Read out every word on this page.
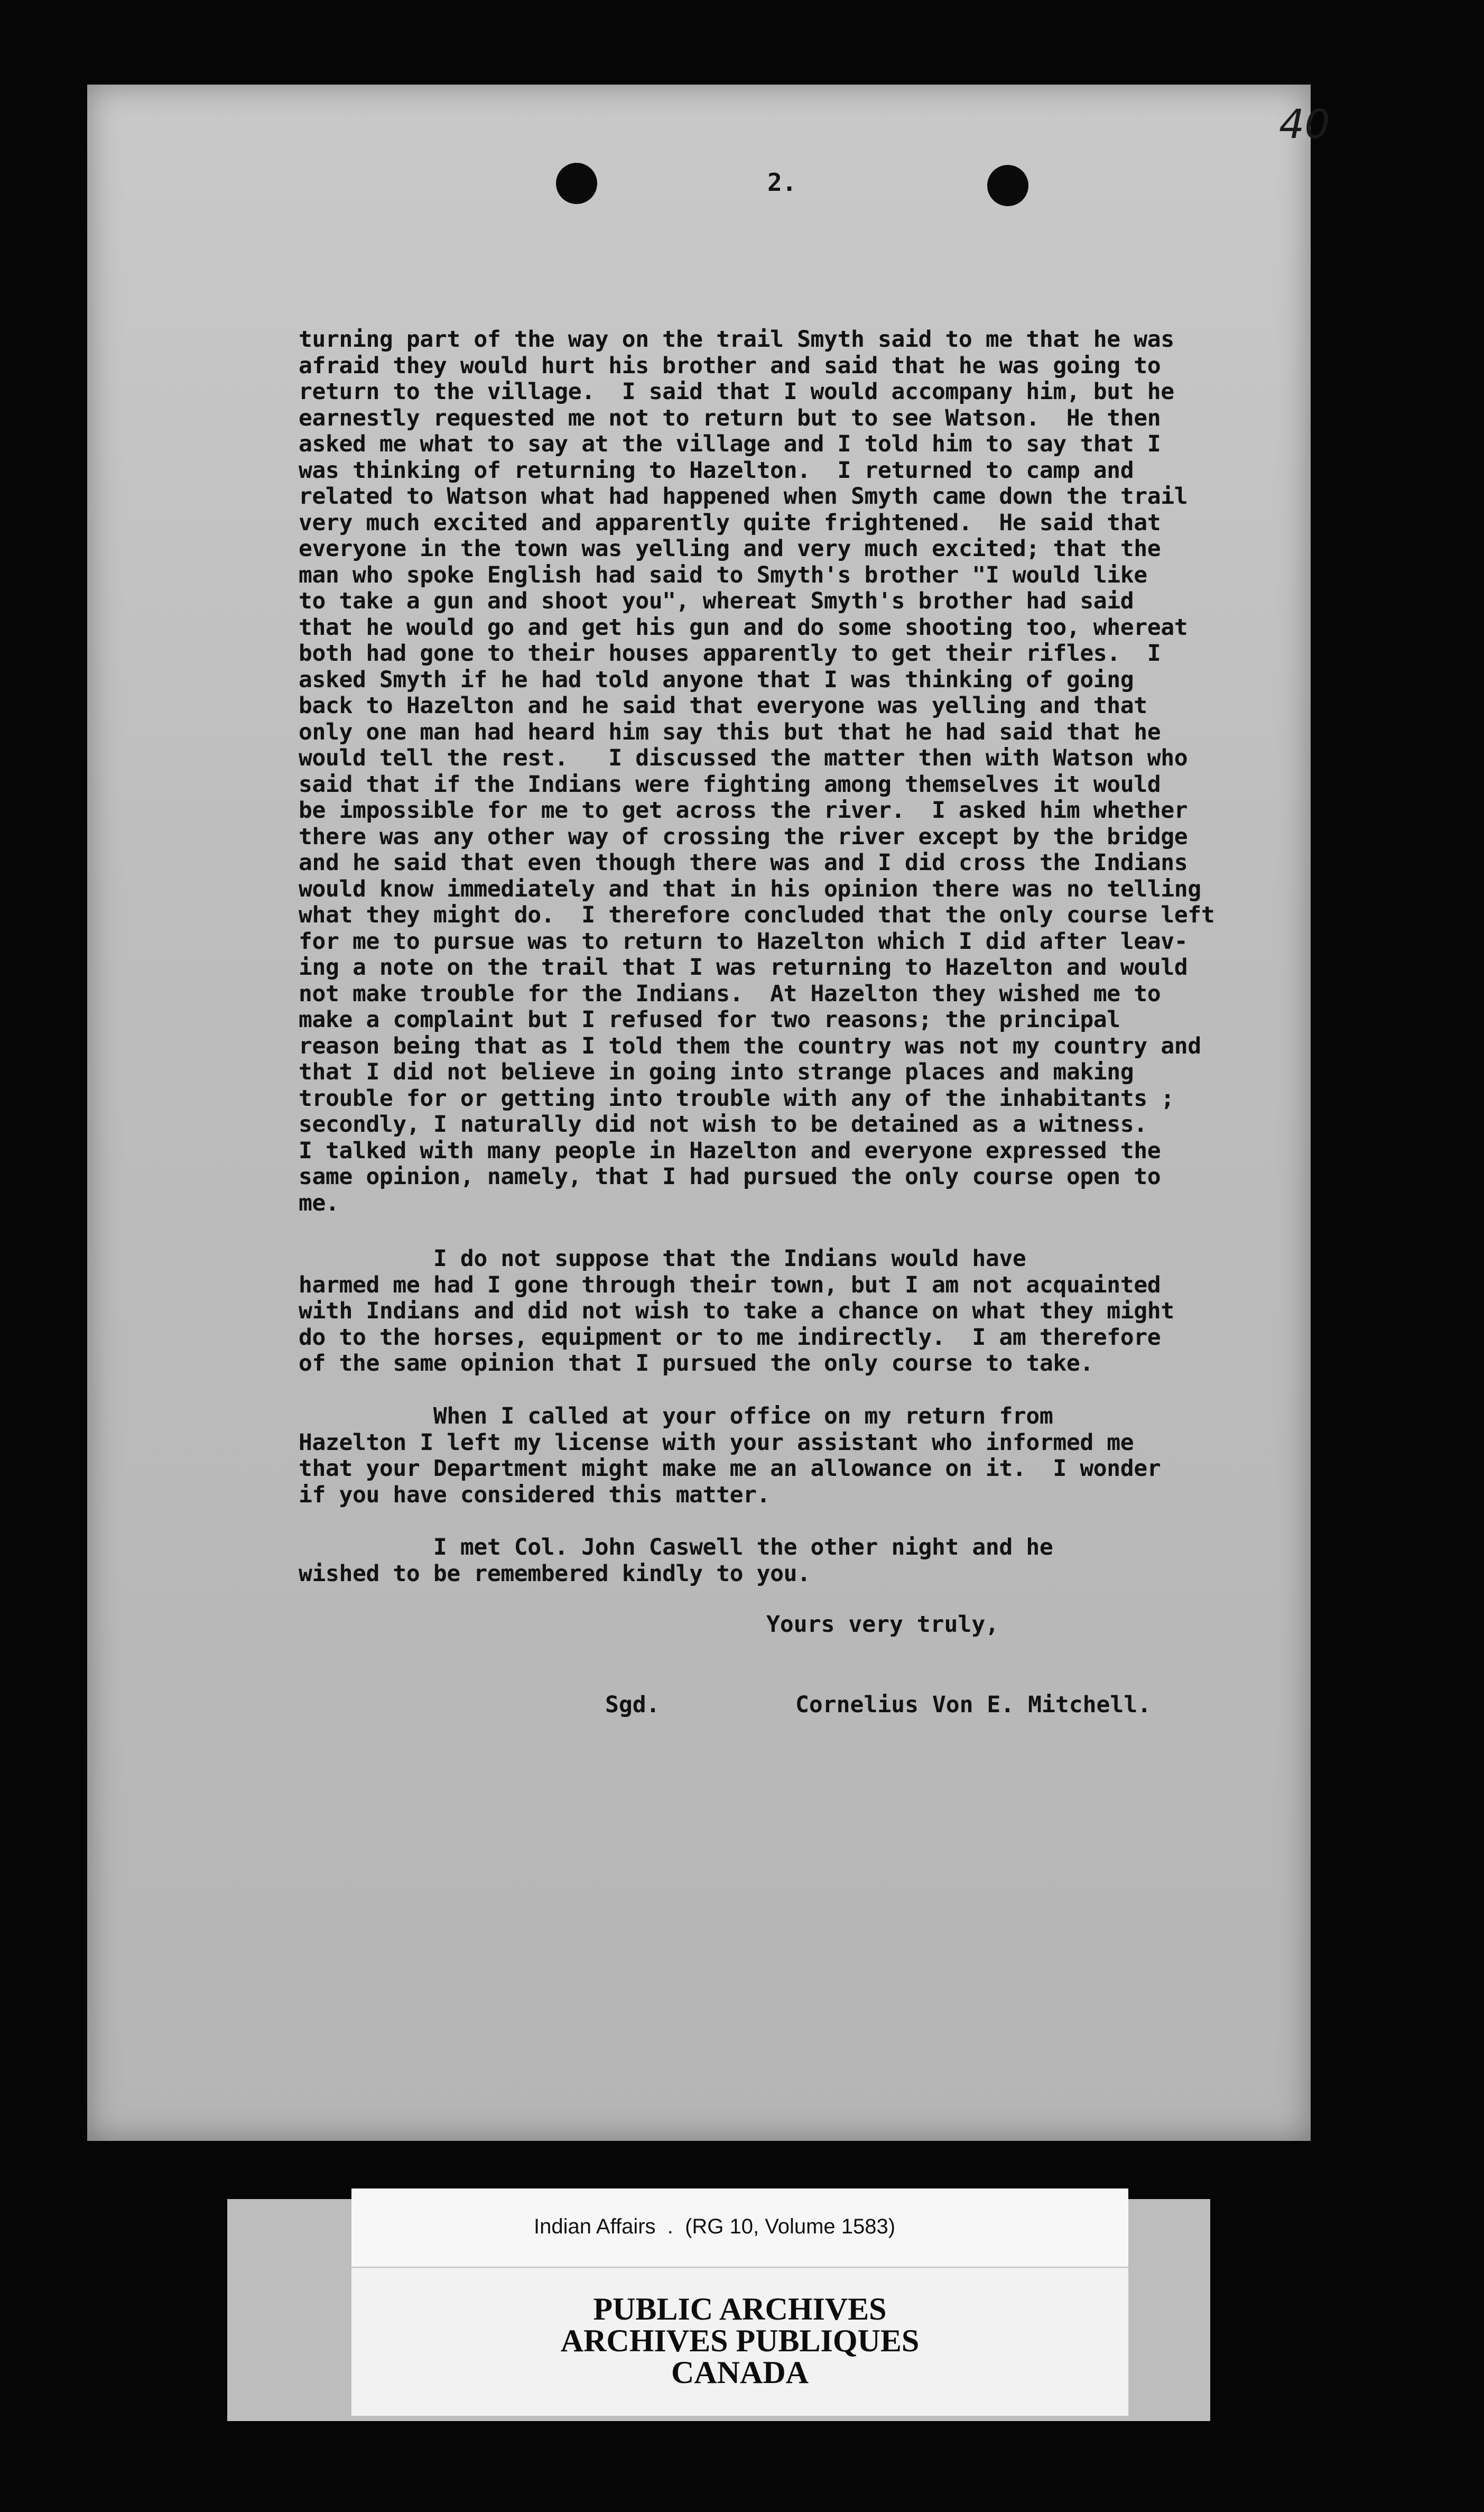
40
2.
turning part of the way on the trail Smyth said to me that he was
afraid they would hurt his brother and said that he was going to
return to the village.  I said that I would accompany him, but he
earnestly requested me not to return but to see Watson.  He then
asked me what to say at the village and I told him to say that I
was thinking of returning to Hazelton.  I returned to camp and
related to Watson what had happened when Smyth came down the trail
very much excited and apparently quite frightened.  He said that
everyone in the town was yelling and very much excited; that the
man who spoke English had said to Smyth's brother "I would like
to take a gun and shoot you", whereat Smyth's brother had said
that he would go and get his gun and do some shooting too, whereat
both had gone to their houses apparently to get their rifles.  I
asked Smyth if he had told anyone that I was thinking of going
back to Hazelton and he said that everyone was yelling and that
only one man had heard him say this but that he had said that he
would tell the rest.   I discussed the matter then with Watson who
said that if the Indians were fighting among themselves it would
be impossible for me to get across the river.  I asked him whether
there was any other way of crossing the river except by the bridge
and he said that even though there was and I did cross the Indians
would know immediately and that in his opinion there was no telling
what they might do.  I therefore concluded that the only course left
for me to pursue was to return to Hazelton which I did after leav-
ing a note on the trail that I was returning to Hazelton and would
not make trouble for the Indians.  At Hazelton they wished me to
make a complaint but I refused for two reasons; the principal
reason being that as I told them the country was not my country and
that I did not believe in going into strange places and making
trouble for or getting into trouble with any of the inhabitants ;
secondly, I naturally did not wish to be detained as a witness.
I talked with many people in Hazelton and everyone expressed the
same opinion, namely, that I had pursued the only course open to
me.
I do not suppose that the Indians would have
harmed me had I gone through their town, but I am not acquainted
with Indians and did not wish to take a chance on what they might
do to the horses, equipment or to me indirectly.  I am therefore
of the same opinion that I pursued the only course to take.
When I called at your office on my return from
Hazelton I left my license with your assistant who informed me
that your Department might make me an allowance on it.  I wonder
if you have considered this matter.
I met Col. John Caswell the other night and he
wished to be remembered kindly to you.
Yours very truly,
Sgd.	Cornelius Von E. Mitchell.
Indian Affairs  .  (RG 10, Volume 1583)
PUBLIC ARCHIVES
ARCHIVES PUBLIQUES
CANADA
